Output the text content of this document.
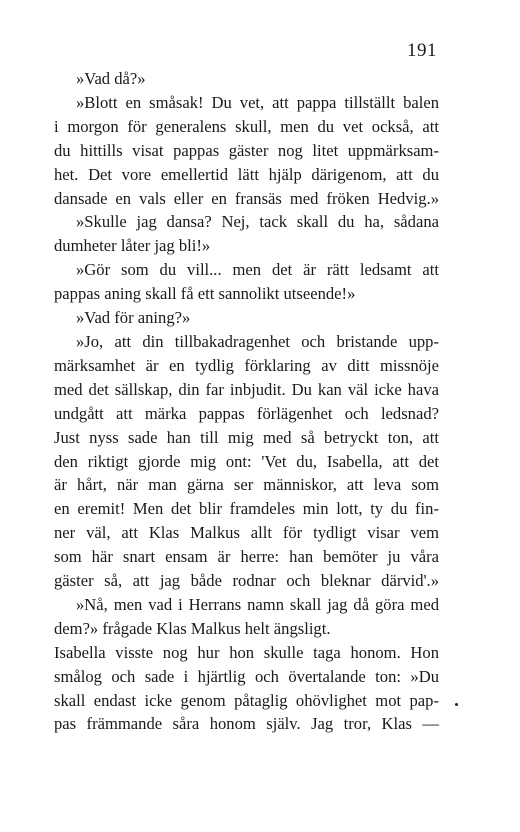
191
»Vad då?»
»Blott en småsak! Du vet, att pappa tillställt balen
i morgon för generalens skull, men du vet också, att
du hittills visat pappas gäster nog litet uppmärksam-
het. Det vore emellertid lätt hjälp därigenom, att du
dansade en vals eller en fransäs med fröken Hedvig.»
»Skulle jag dansa? Nej, tack skall du ha, sådana
dumheter låter jag bli!»
»Gör som du vill... men det är rätt ledsamt att
pappas aning skall få ett sannolikt utseende!»
»Vad för aning?»
»Jo, att din tillbakadragenhet och bristande upp-
märksamhet är en tydlig förklaring av ditt missnöje
med det sällskap, din far inbjudit. Du kan väl icke hava
undgått att märka pappas förlägenhet och ledsnad?
Just nyss sade han till mig med så betryckt ton, att
den riktigt gjorde mig ont: 'Vet du, Isabella, att det
är hårt, när man gärna ser människor, att leva som
en eremit! Men det blir framdeles min lott, ty du fin-
ner väl, att Klas Malkus allt för tydligt visar vem
som här snart ensam är herre: han bemöter ju våra
gäster så, att jag både rodnar och bleknar därvid'.»
»Nå, men vad i Herrans namn skall jag då göra med
dem?» frågade Klas Malkus helt ängsligt.
Isabella visste nog hur hon skulle taga honom. Hon
smålog och sade i hjärtlig och övertalande ton: »Du
skall endast icke genom påtaglig ohövlighet mot pap-
pas främmande såra honom själv. Jag tror, Klas —
